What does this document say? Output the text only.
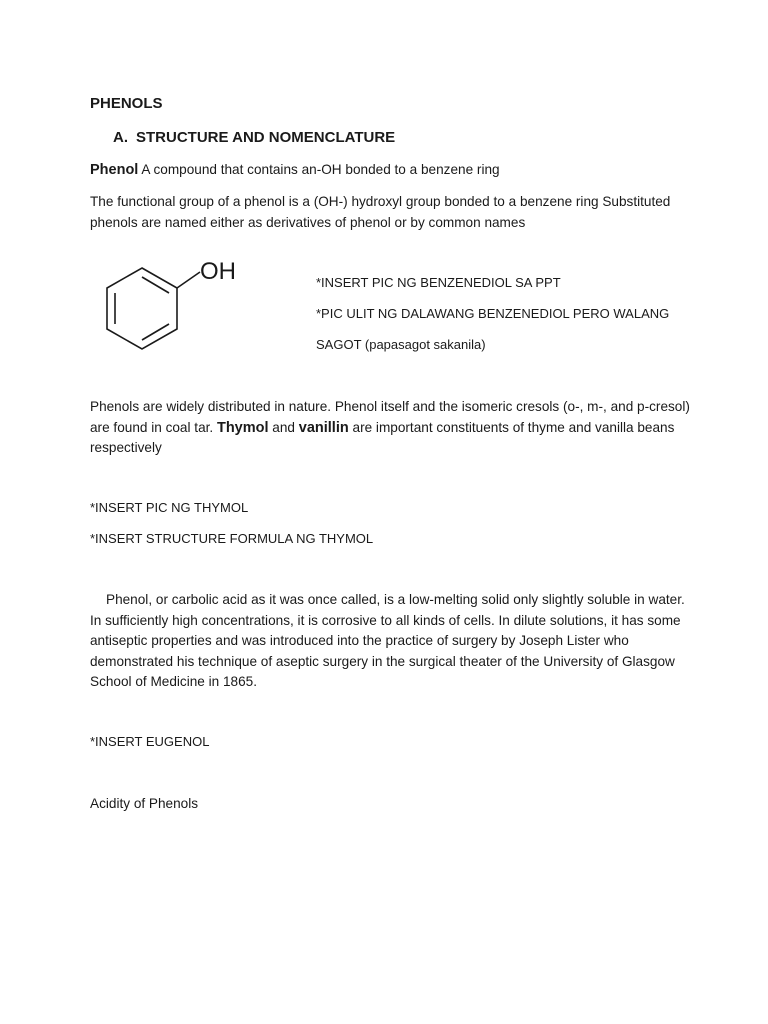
PHENOLS
A. STRUCTURE AND NOMENCLATURE
Phenol A compound that contains an-OH bonded to a benzene ring
The functional group of a phenol is a (OH-) hydroxyl group bonded to a benzene ring Substituted phenols are named either as derivatives of phenol or by common names
OH	*INSERT PIC NG BENZENEDIOL SA PPT
*PIC ULIT NG DALAWANG BENZENEDIOL PERO WALANG
SAGOT (papasagot sakanila)
Phenols are widely distributed in nature. Phenol itself and the isomeric cresols (o-, m-, and p-cresol) are found in coal tar. Thymol and vanillin are important constituents of thyme and vanilla beans respectively
*INSERT PIC NG THYMOL
*INSERT STRUCTURE FORMULA NG THYMOL
Phenol, or carbolic acid as it was once called, is a low-melting solid only slightly soluble in water. In sufficiently high concentrations, it is corrosive to all kinds of cells. In dilute solutions, it has some antiseptic properties and was introduced into the practice of surgery by Joseph Lister who demonstrated his technique of aseptic surgery in the surgical theater of the University of Glasgow School of Medicine in 1865.
*INSERT EUGENOL
Acidity of Phenols
